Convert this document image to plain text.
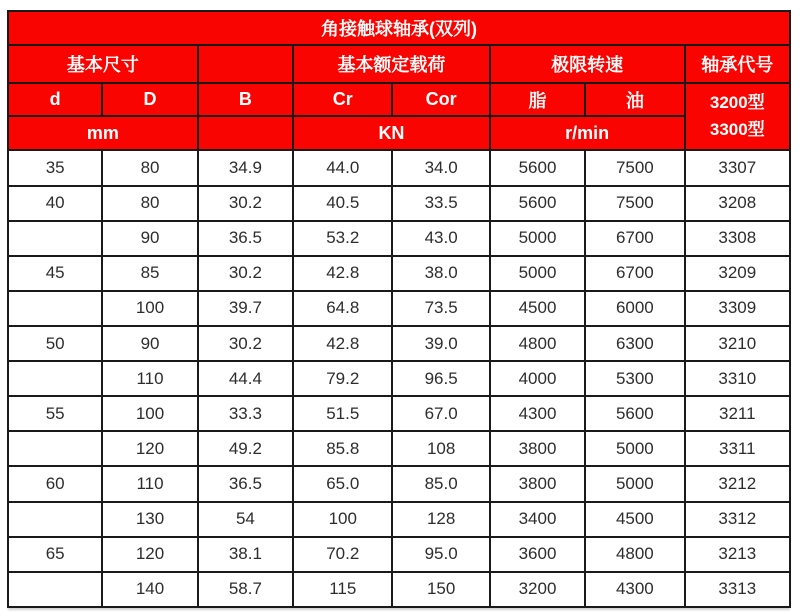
角接触球轴承(双列)							
基本尺寸			基本额定载荷		极限转速		轴承代号
d	D	B	Cr	Cor	脂	油	3200型
3300型

mm			KN		r/min		
35	80	34.9	44.0	34.0	5600	7500	3307
40	80	30.2	40.5	33.5	5600	7500	3208
	90	36.5	53.2	43.0	5000	6700	3308
45	85	30.2	42.8	38.0	5000	6700	3209
	100	39.7	64.8	73.5	4500	6000	3309
50	90	30.2	42.8	39.0	4800	6300	3210
	110	44.4	79.2	96.5	4000	5300	3310
55	100	33.3	51.5	67.0	4300	5600	3211
	120	49.2	85.8	108	3800	5000	3311
60	110	36.5	65.0	85.0	3800	5000	3212
	130	54	100	128	3400	4500	3312
65	120	38.1	70.2	95.0	3600	4800	3213
	140	58.7	115	150	3200	4300	3313
